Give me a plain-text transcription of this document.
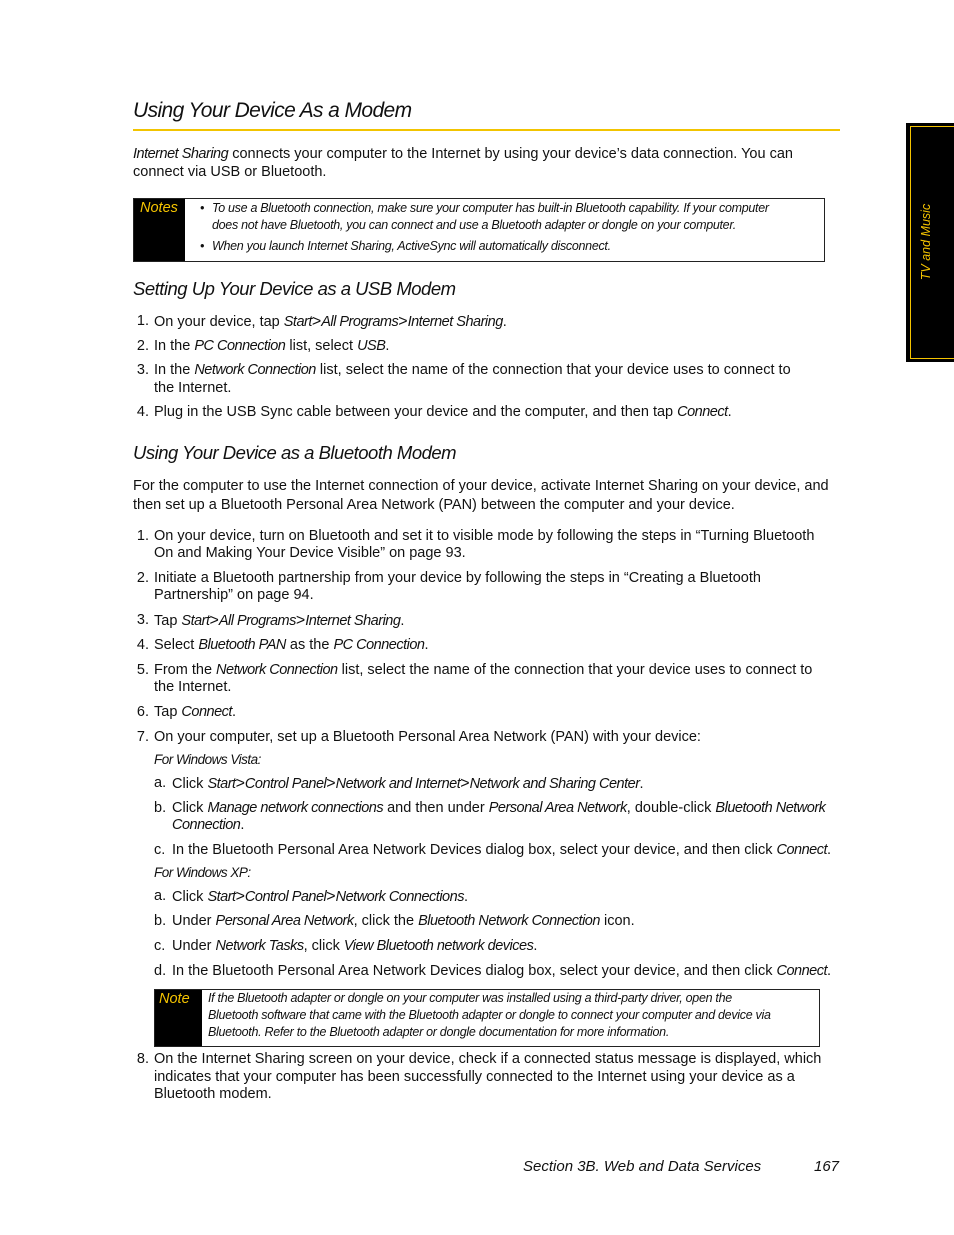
TV and Music
Using Your Device As a Modem
Internet Sharing connects your computer to the Internet by using your device’s data connection. You can
connect via USB or Bluetooth.
Notes	• To use a Bluetooth connection, make sure your computer has built-in Bluetooth capability. If your computer
does not have Bluetooth, you can connect and use a Bluetooth adapter or dongle on your computer.
• When you launch Internet Sharing, ActiveSync will automatically disconnect.
Setting Up Your Device as a USB Modem
1. On your device, tap Start>All Programs>Internet Sharing.
2. In the PC Connection list, select USB.
3. In the Network Connection list, select the name of the connection that your device uses to connect to
the Internet.
4. Plug in the USB Sync cable between your device and the computer, and then tap Connect.
Using Your Device as a Bluetooth Modem
For the computer to use the Internet connection of your device, activate Internet Sharing on your device, and
then set up a Bluetooth Personal Area Network (PAN) between the computer and your device.
1. On your device, turn on Bluetooth and set it to visible mode by following the steps in “Turning Bluetooth
On and Making Your Device Visible” on page 93.
2. Initiate a Bluetooth partnership from your device by following the steps in “Creating a Bluetooth
Partnership” on page 94.
3. Tap Start>All Programs>Internet Sharing.
4. Select Bluetooth PAN as the PC Connection.
5. From the Network Connection list, select the name of the connection that your device uses to connect to
the Internet.
6. Tap Connect.
7. On your computer, set up a Bluetooth Personal Area Network (PAN) with your device:
For Windows Vista:
a. Click Start>Control Panel>Network and Internet>Network and Sharing Center.
b. Click Manage network connections and then under Personal Area Network, double-click Bluetooth Network
Connection.
c. In the Bluetooth Personal Area Network Devices dialog box, select your device, and then click Connect.
For Windows XP:
a. Click Start>Control Panel>Network Connections.
b. Under Personal Area Network, click the Bluetooth Network Connection icon.
c. Under Network Tasks, click View Bluetooth network devices.
d. In the Bluetooth Personal Area Network Devices dialog box, select your device, and then click Connect.
Note	If the Bluetooth adapter or dongle on your computer was installed using a third-party driver, open the
Bluetooth software that came with the Bluetooth adapter or dongle to connect your computer and device via
Bluetooth. Refer to the Bluetooth adapter or dongle documentation for more information.
8. On the Internet Sharing screen on your device, check if a connected status message is displayed, which
indicates that your computer has been successfully connected to the Internet using your device as a
Bluetooth modem.
Section 3B. Web and Data Services	167
